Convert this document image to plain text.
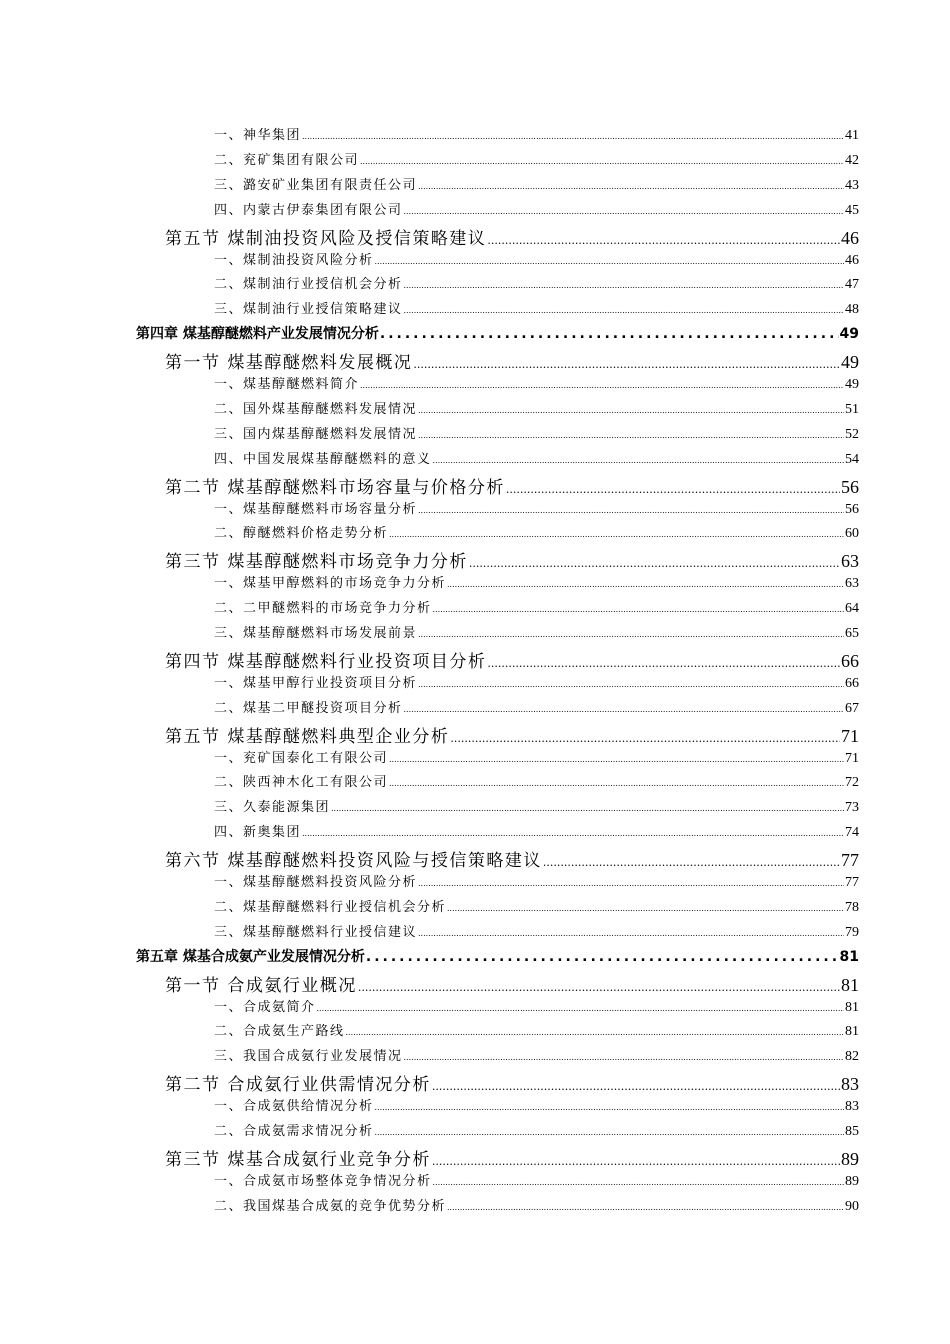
一、神华集团 .....	41
二、兖矿集团有限公司 .....	42
三、潞安矿业集团有限责任公司 .....	43
四、内蒙古伊泰集团有限公司 .....	45
第五节 煤制油投资风险及授信策略建议 .....	46
一、煤制油投资风险分析 .....	46
二、煤制油行业授信机会分析 .....	47
三、煤制油行业授信策略建议 .....	48
第四章 煤基醇醚燃料产业发展情况分析 .....	49
第一节 煤基醇醚燃料发展概况 .....	49
一、煤基醇醚燃料简介 .....	49
二、国外煤基醇醚燃料发展情况 .....	51
三、国内煤基醇醚燃料发展情况 .....	52
四、中国发展煤基醇醚燃料的意义 .....	54
第二节 煤基醇醚燃料市场容量与价格分析 .....	56
一、煤基醇醚燃料市场容量分析 .....	56
二、醇醚燃料价格走势分析 .....	60
第三节 煤基醇醚燃料市场竞争力分析 .....	63
一、煤基甲醇燃料的市场竞争力分析 .....	63
二、二甲醚燃料的市场竞争力分析 .....	64
三、煤基醇醚燃料市场发展前景 .....	65
第四节 煤基醇醚燃料行业投资项目分析 .....	66
一、煤基甲醇行业投资项目分析 .....	66
二、煤基二甲醚投资项目分析 .....	67
第五节 煤基醇醚燃料典型企业分析 .....	71
一、兖矿国泰化工有限公司 .....	71
二、陕西神木化工有限公司 .....	72
三、久泰能源集团 .....	73
四、新奥集团 .....	74
第六节 煤基醇醚燃料投资风险与授信策略建议 .....	77
一、煤基醇醚燃料投资风险分析 .....	77
二、煤基醇醚燃料行业授信机会分析 .....	78
三、煤基醇醚燃料行业授信建议 .....	79
第五章 煤基合成氨产业发展情况分析 .....	81
第一节 合成氨行业概况 .....	81
一、合成氨简介 .....	81
二、合成氨生产路线 .....	81
三、我国合成氨行业发展情况 .....	82
第二节 合成氨行业供需情况分析 .....	83
一、合成氨供给情况分析 .....	83
二、合成氨需求情况分析 .....	85
第三节 煤基合成氨行业竞争分析 .....	89
一、合成氨市场整体竞争情况分析 .....	89
二、我国煤基合成氨的竞争优势分析 .....	90
